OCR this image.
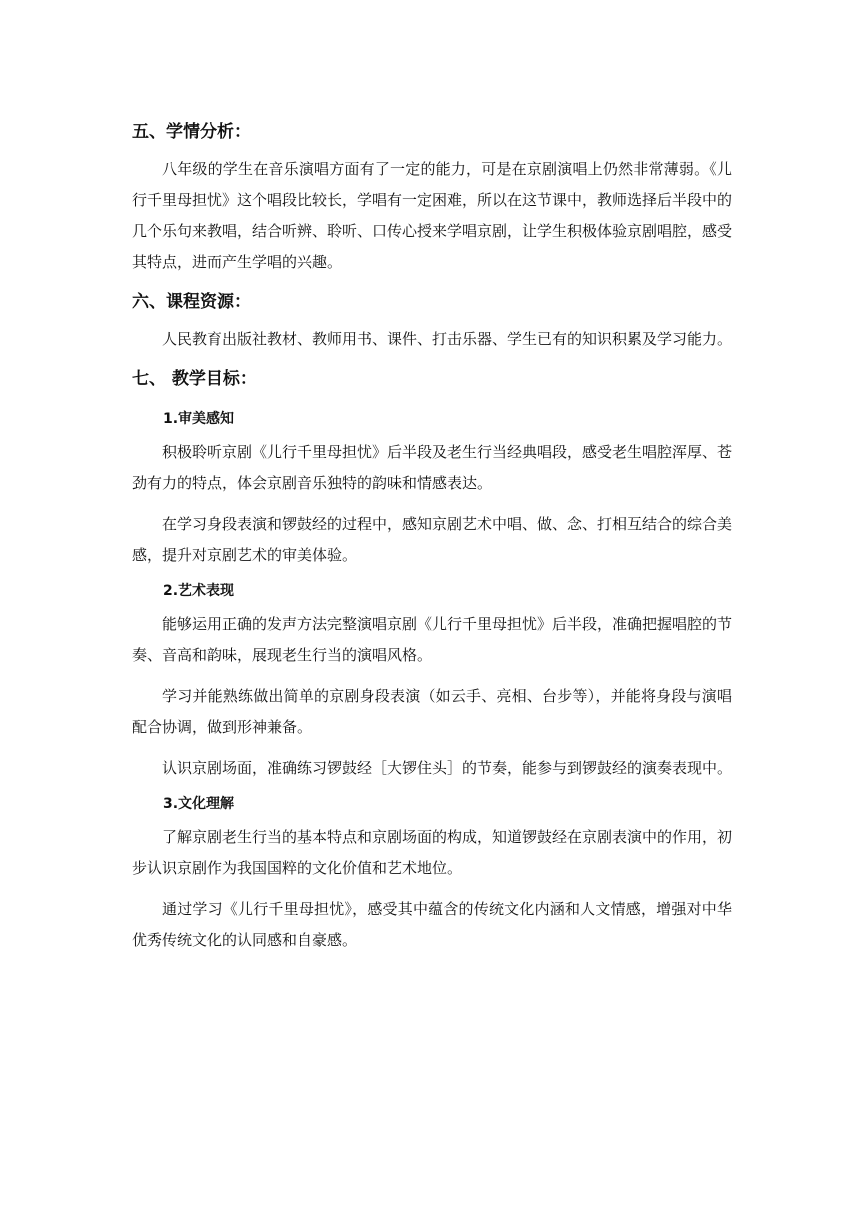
五、学情分析：

八年级的学生在音乐演唱方面有了一定的能力，可是在京剧演唱上仍然非常薄弱。《儿行千里母担忧》这个唱段比较长，学唱有一定困难，所以在这节课中，教师选择后半段中的几个乐句来教唱，结合听辨、聆听、口传心授来学唱京剧，让学生积极体验京剧唱腔，感受其特点，进而产生学唱的兴趣。

六、课程资源：

人民教育出版社教材、教师用书、课件、打击乐器、学生已有的知识积累及学习能力。

七、 教学目标：
1.审美感知

积极聆听京剧《儿行千里母担忧》后半段及老生行当经典唱段，感受老生唱腔浑厚、苍劲有力的特点，体会京剧音乐独特的韵味和情感表达。

在学习身段表演和锣鼓经的过程中，感知京剧艺术中唱、做、念、打相互结合的综合美感，提升对京剧艺术的审美体验。

2.艺术表现

能够运用正确的发声方法完整演唱京剧《儿行千里母担忧》后半段，准确把握唱腔的节奏、音高和韵味，展现老生行当的演唱风格。

学习并能熟练做出简单的京剧身段表演（如云手、亮相、台步等），并能将身段与演唱配合协调，做到形神兼备。

认识京剧场面，准确练习锣鼓经［大锣住头］的节奏，能参与到锣鼓经的演奏表现中。

3.文化理解

了解京剧老生行当的基本特点和京剧场面的构成，知道锣鼓经在京剧表演中的作用，初步认识京剧作为我国国粹的文化价值和艺术地位。

通过学习《儿行千里母担忧》，感受其中蕴含的传统文化内涵和人文情感，增强对中华优秀传统文化的认同感和自豪感。
